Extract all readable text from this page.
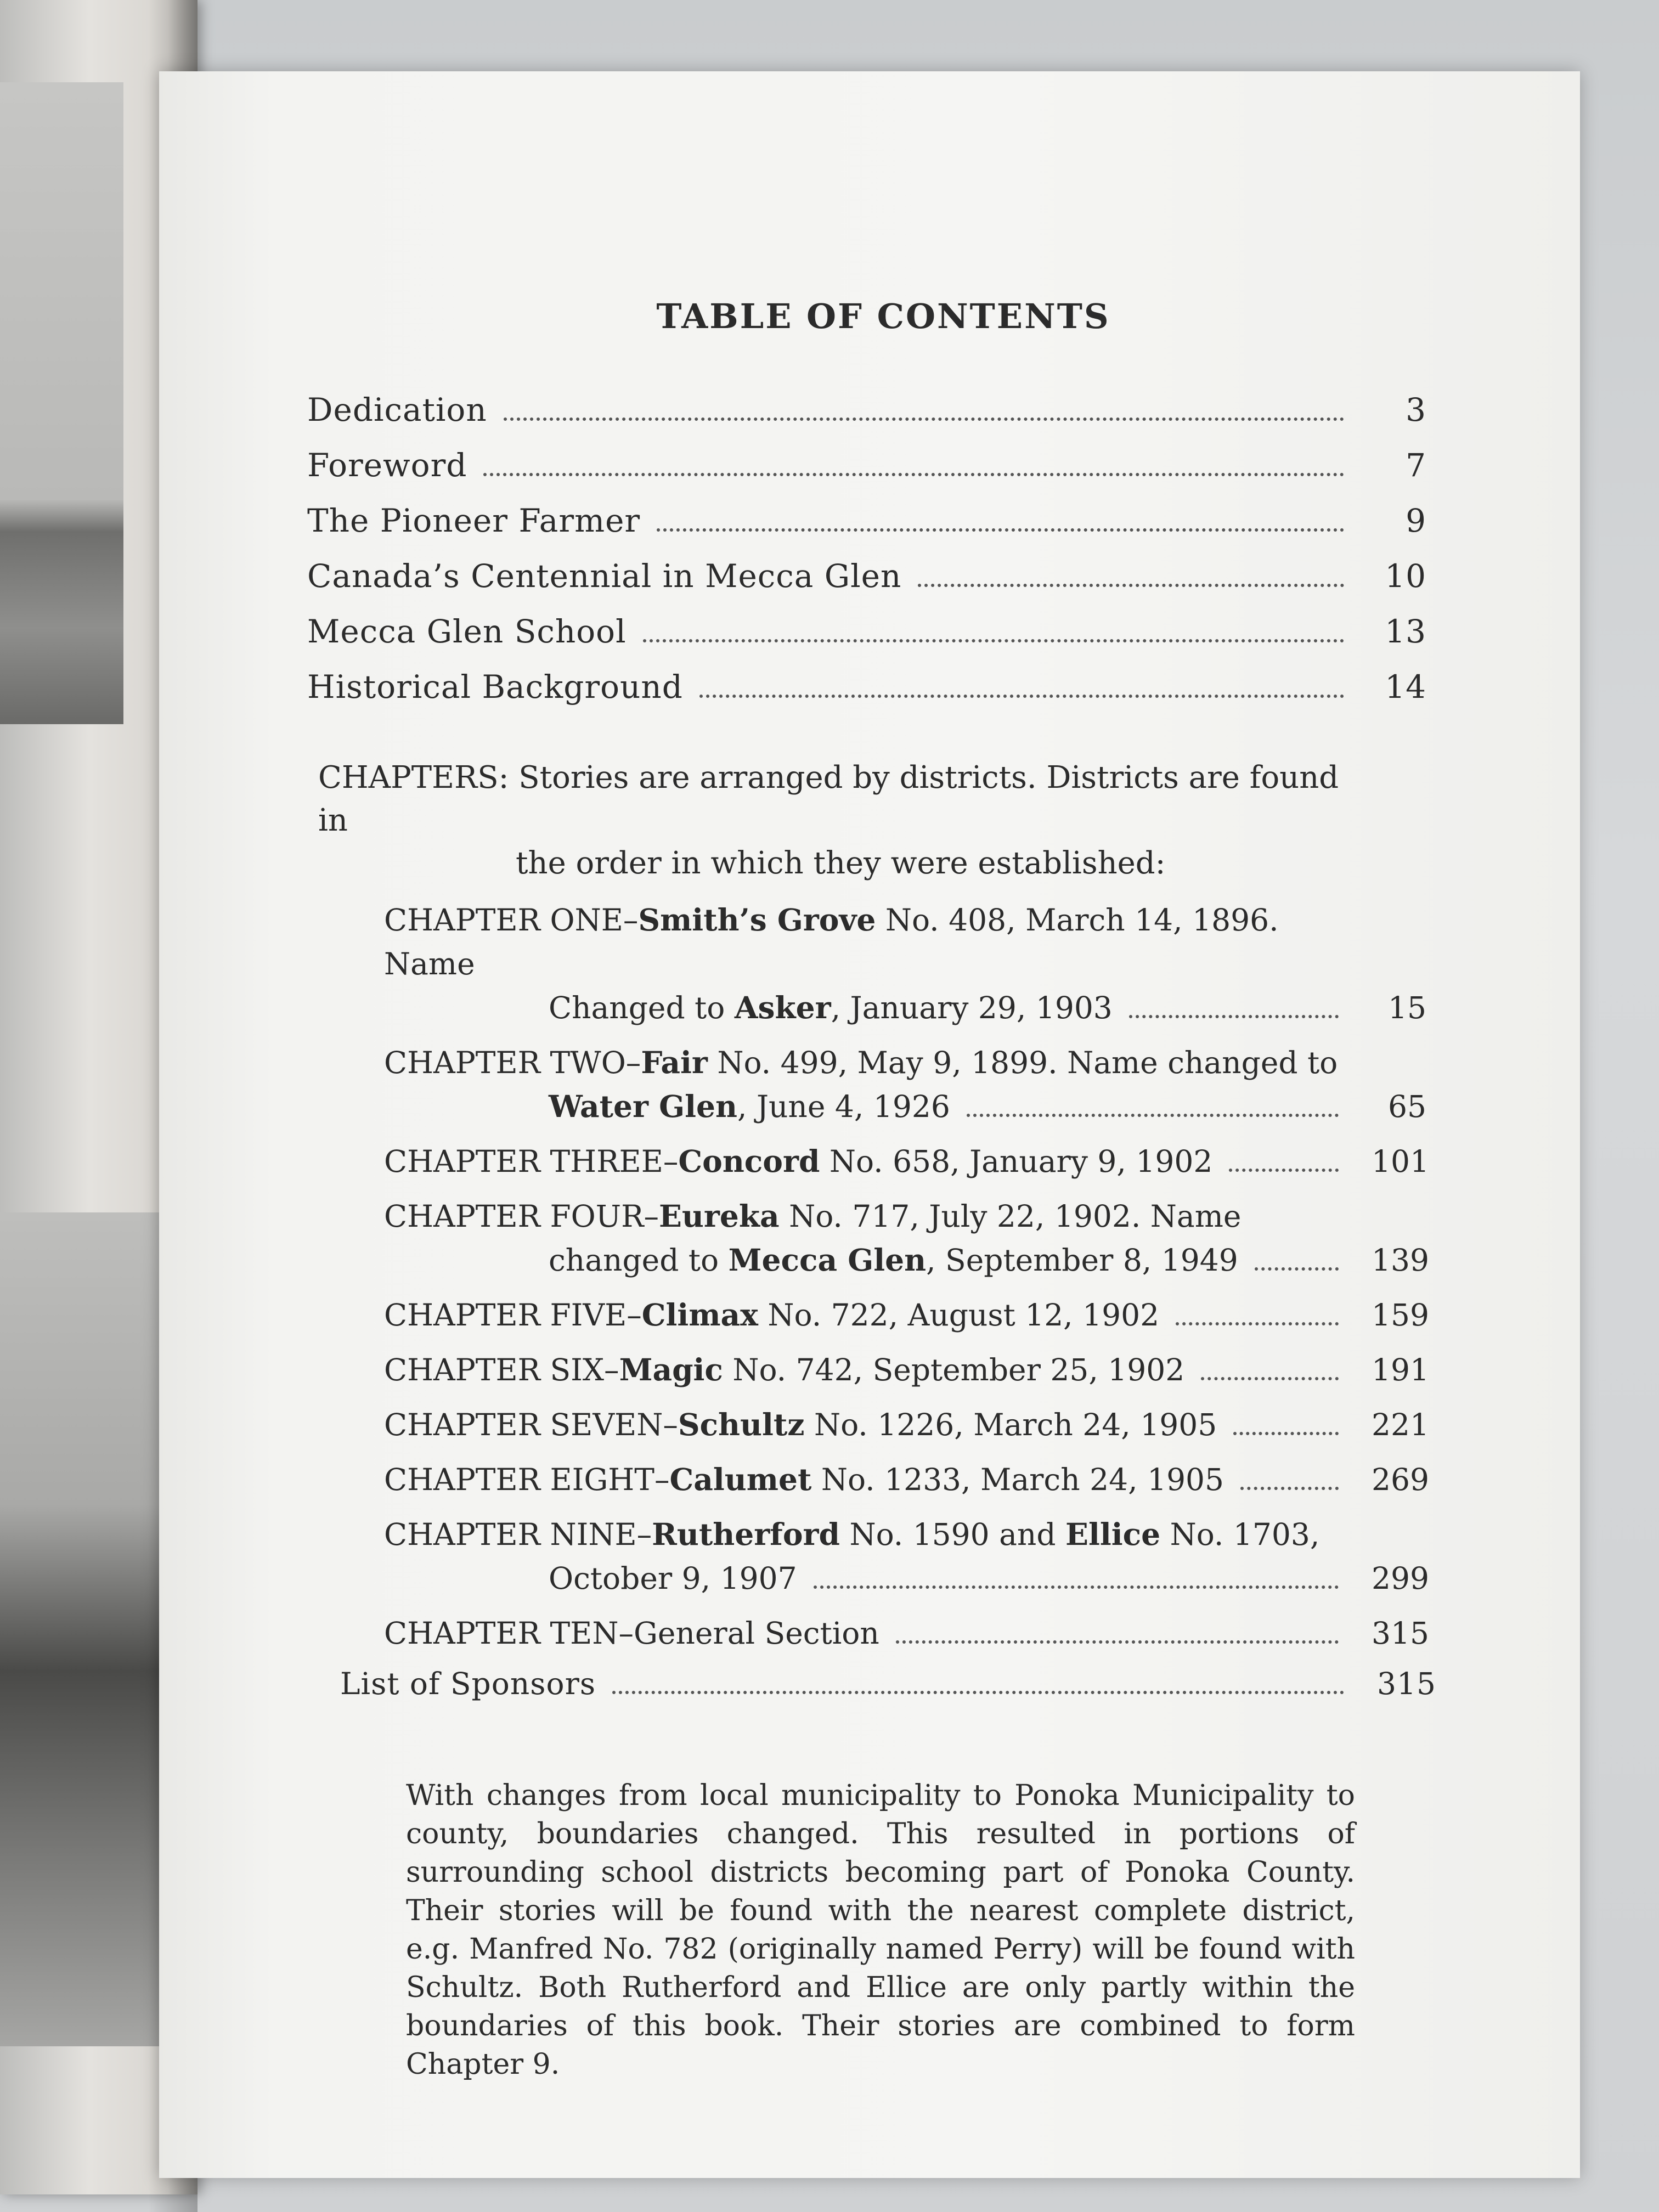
TABLE OF CONTENTS
Dedication	3
Foreword	7
The Pioneer Farmer	9
Canada’s Centennial in Mecca Glen	10
Mecca Glen School	13
Historical Background	14
CHAPTERS: Stories are arranged by districts. Districts are found in
the order in which they were established:
CHAPTER ONE–Smith’s Grove No. 408, March 14, 1896. Name
Changed to Asker, January 29, 1903	15
CHAPTER TWO–Fair No. 499, May 9, 1899. Name changed to
Water Glen, June 4, 1926	65
CHAPTER THREE–Concord No. 658, January 9, 1902	101
CHAPTER FOUR–Eureka No. 717, July 22, 1902. Name
changed to Mecca Glen, September 8, 1949	139
CHAPTER FIVE–Climax No. 722, August 12, 1902	159
CHAPTER SIX–Magic No. 742, September 25, 1902	191
CHAPTER SEVEN–Schultz No. 1226, March 24, 1905	221
CHAPTER EIGHT–Calumet No. 1233, March 24, 1905	269
CHAPTER NINE–Rutherford No. 1590 and Ellice No. 1703,
October 9, 1907	299
CHAPTER TEN–General Section	315
List of Sponsors	315

With changes from local municipality to Ponoka Municipality to county, boundaries changed. This resulted in portions of surrounding school districts becoming part of Ponoka County. Their stories will be found with the nearest complete district, e.g. Manfred No. 782 (originally named Perry) will be found with Schultz. Both Rutherford and Ellice are only partly within the boundaries of this book. Their stories are combined to form Chapter 9.
